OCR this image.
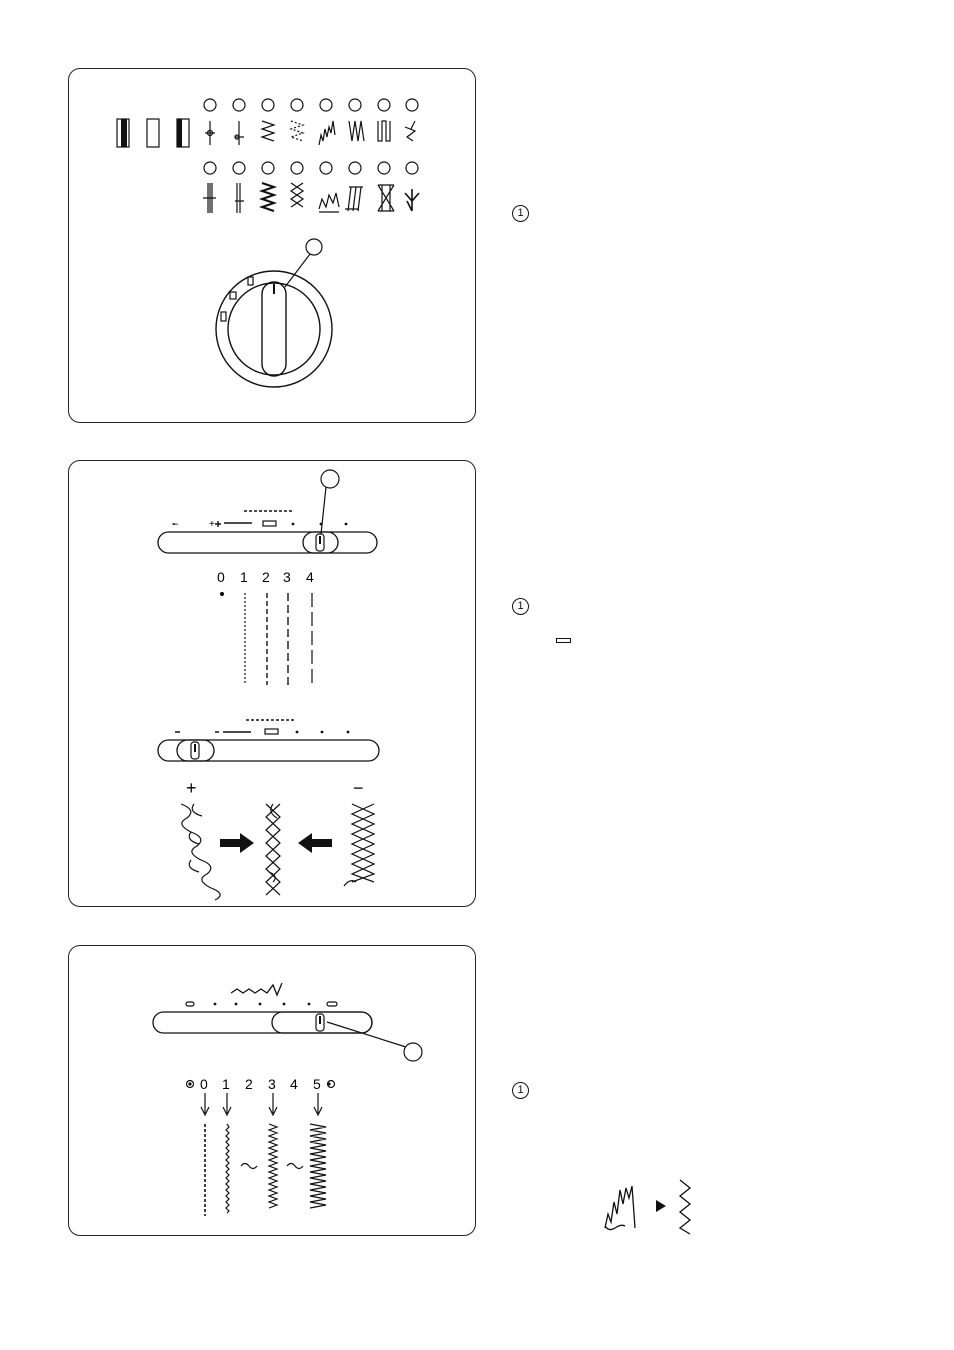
–	+
0 1 2 3 4
+	−
0 1 2 3 4 5
1
1
1
